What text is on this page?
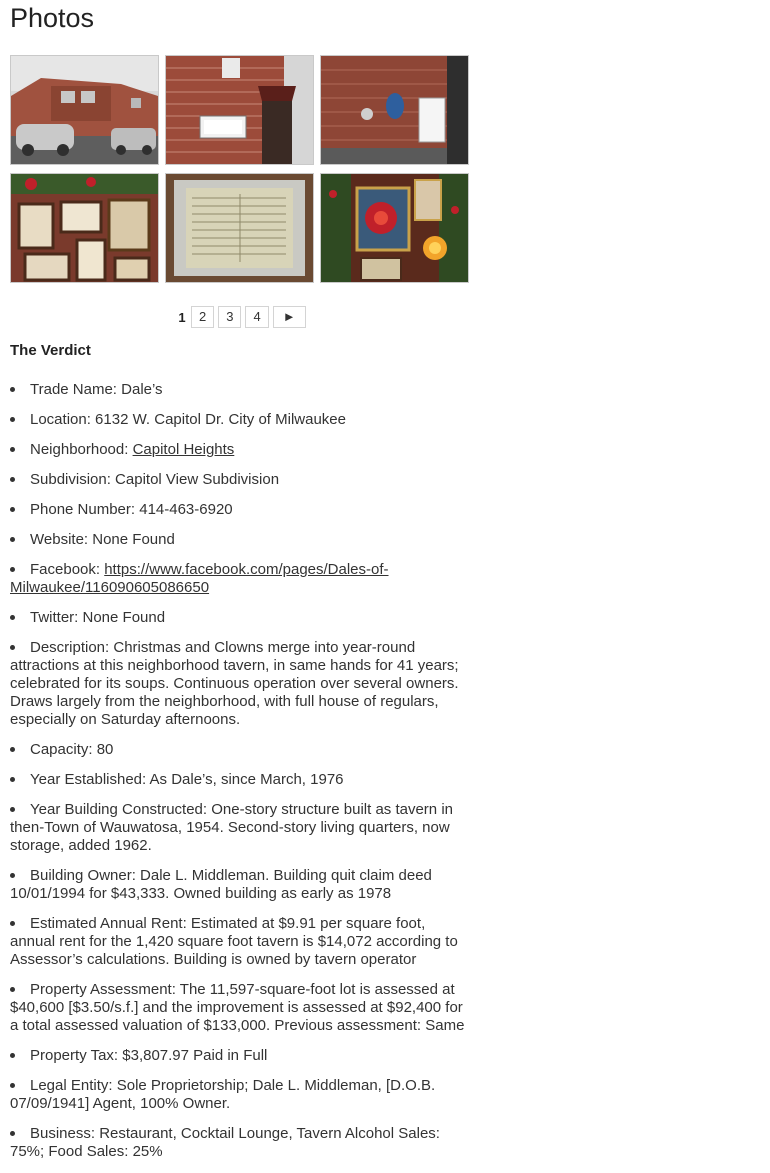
Photos
1	2	3	4	►
The Verdict
Trade Name: Dale’s
Location: 6132 W. Capitol Dr. City of Milwaukee
Neighborhood: Capitol Heights
Subdivision: Capitol View Subdivision
Phone Number: 414-463-6920
Website: None Found
Facebook: https://www.facebook.com/pages/Dales-of-Milwaukee/116090605086650
Twitter: None Found
Description: Christmas and Clowns merge into year-round attractions at this neighborhood tavern, in same hands for 41 years; celebrated for its soups. Continuous operation over several owners. Draws largely from the neighborhood, with full house of regulars, especially on Saturday afternoons.
Capacity: 80
Year Established: As Dale’s, since March, 1976
Year Building Constructed: One-story structure built as tavern in then-Town of Wauwatosa, 1954. Second-story living quarters, now storage, added 1962.
Building Owner: Dale L. Middleman. Building quit claim deed 10/01/1994 for $43,333. Owned building as early as 1978
Estimated Annual Rent: Estimated at $9.91 per square foot, annual rent for the 1,420 square foot tavern is $14,072 according to Assessor’s calculations. Building is owned by tavern operator
Property Assessment: The 11,597-square-foot lot is assessed at $40,600 [$3.50/s.f.] and the improvement is assessed at $92,400 for a total assessed valuation of $133,000. Previous assessment: Same
Property Tax: $3,807.97 Paid in Full
Legal Entity: Sole Proprietorship; Dale L. Middleman, [D.O.B. 07/09/1941] Agent, 100% Owner.
Business: Restaurant, Cocktail Lounge, Tavern Alcohol Sales: 75%; Food Sales: 25%
